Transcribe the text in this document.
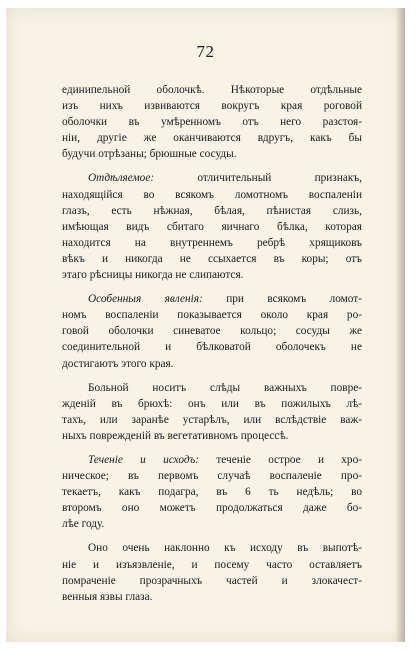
72
единипельной оболочкѣ. Нѣкоторые отдѣльные
изъ нихъ извиваются вокругъ края роговой
оболочки въ умѣренномъ отъ него разстоя-
нiи, другiе же оканчиваются вдругъ, какъ бы
будучи отрѣзаны; брюшные сосуды.
Отдѣляемое: отличительный признакъ,
находящiйся во всякомъ ломотномъ воспаленiи
глазъ, есть нѣжная, бѣлая, пѣнистая слизь,
имѣющая видъ сбитаго яичнаго бѣлка, которая
находится на внутреннемъ ребрѣ хрящиковъ
вѣкъ и никогда не ссыхается въ коры; отъ
этаго рѣсницы никогда не слипаются.
Особенныя явленiя: при всякомъ ломот-
номъ воспаленiи показывается около края ро-
говой оболочки синеватое кольцо; сосуды же
соединительной и бѣлковатой оболочекъ не
достигаютъ этого края.
Больной носитъ слѣды важныхъ повре-
жденiй въ брюхѣ: онъ или въ пожилыхъ лѣ-
тахъ, или заранѣе устарѣлъ, или вслѣдствiе важ-
ныхъ поврежденiй въ вегетативномъ процессѣ.
Теченiе и исходъ: теченiе острое и хро-
ническое; въ первомъ случаѣ воспаленiе про-
текаетъ, какъ подагра, въ 6 ть недѣль; во
второмъ оно можетъ продолжаться даже бо-
лѣе году.
Оно очень наклонно къ исходу въ выпотѣ-
нiе и изъязвленiе, и посему часто оставляетъ
помраченiе прозрачныхъ частей и злокачест-
венныя язвы глаза.
